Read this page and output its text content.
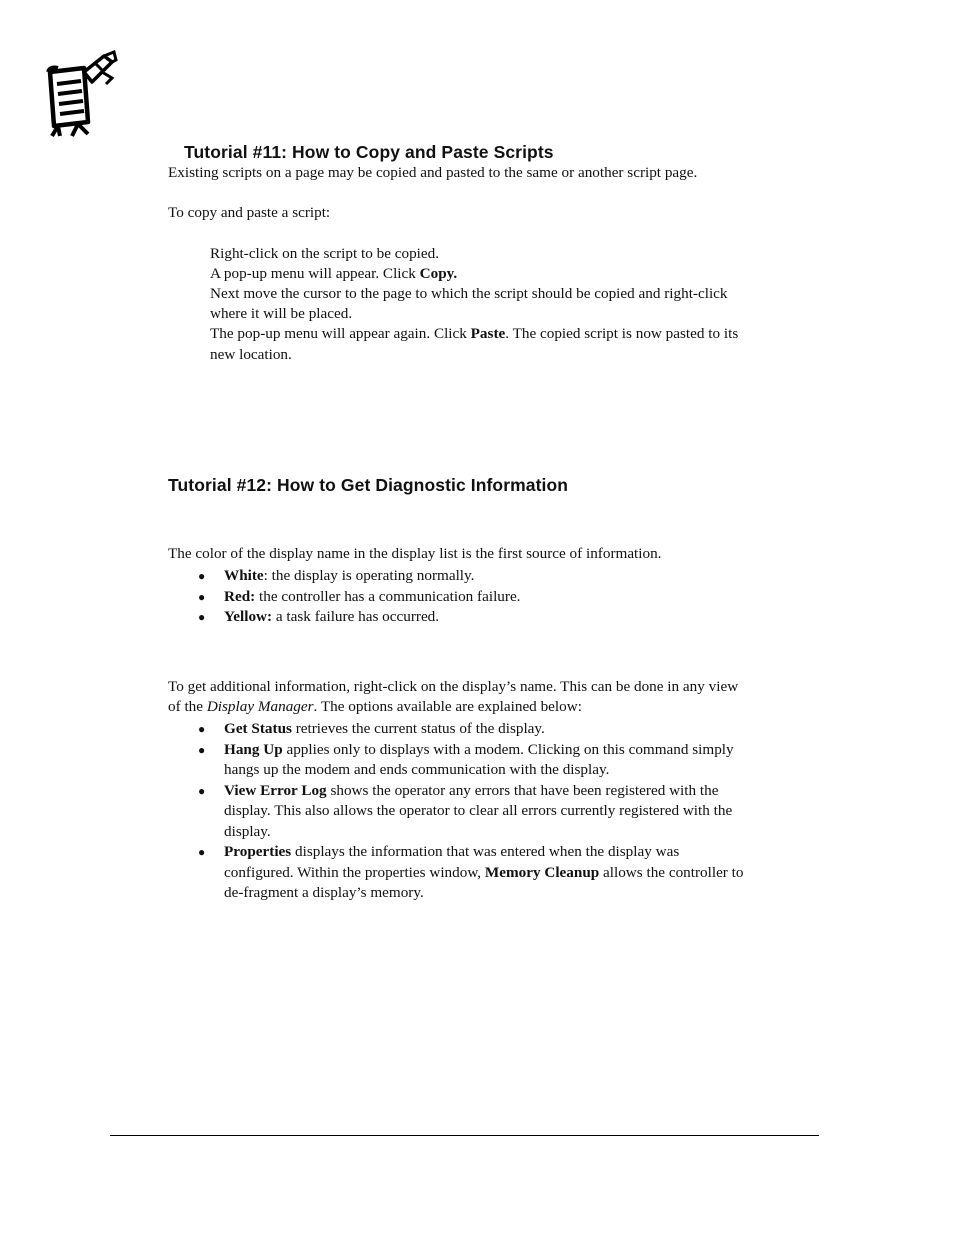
Tutorial #11: How to Copy and Paste Scripts

Existing scripts on a page may be copied and pasted to the same or another script page.

To copy and paste a script:

Right-click on the script to be copied.
A pop-up menu will appear. Click Copy.
Next move the cursor to the page to which the script should be copied and right-click
where it will be placed.
The pop-up menu will appear again. Click Paste. The copied script is now pasted to its
new location.
Tutorial #12: How to Get Diagnostic Information

The color of the display name in the display list is the first source of information.

● White: the display is operating normally.
● Red: the controller has a communication failure.
● Yellow: a task failure has occurred.

To get additional information, right-click on the display’s name. This can be done in any view
of the Display Manager. The options available are explained below:

● Get Status retrieves the current status of the display.
● Hang Up applies only to displays with a modem. Clicking on this command simply
hangs up the modem and ends communication with the display.
● View Error Log shows the operator any errors that have been registered with the
display. This also allows the operator to clear all errors currently registered with the
display.
● Properties displays the information that was entered when the display was
configured. Within the properties window, Memory Cleanup allows the controller to
de-fragment a display’s memory.
